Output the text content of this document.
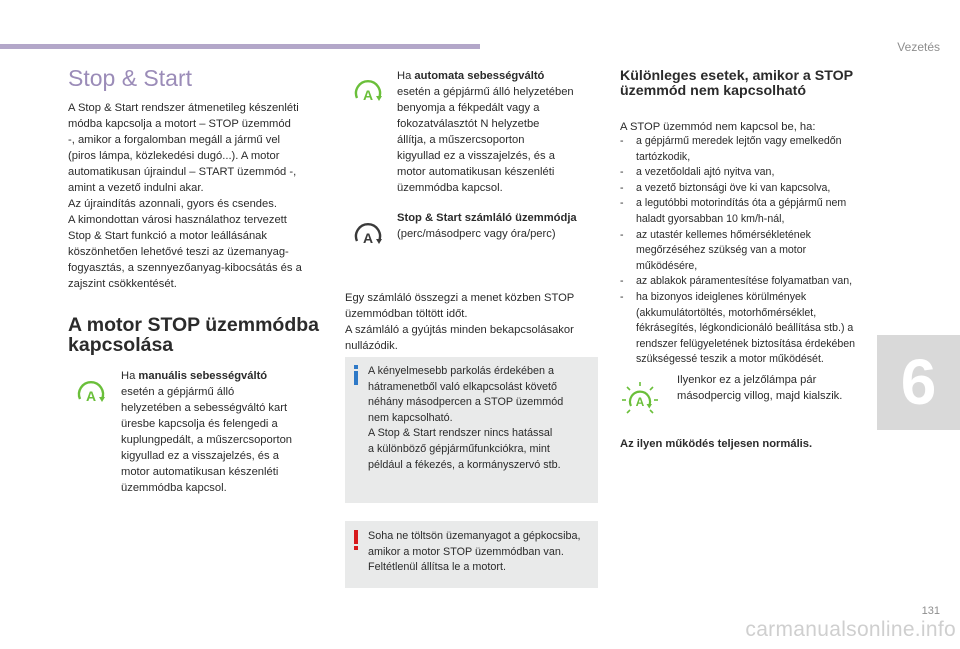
Vezetés
6
131
carmanualsonline.info
Stop & Start

A Stop & Start rendszer átmenetileg készenléti

módba kapcsolja a motort – STOP üzemmód

-, amikor a forgalomban megáll a jármű vel

(piros lámpa, közlekedési dugó...). A motor

automatikusan újraindul – START üzemmód -,

amint a vezető indulni akar.

Az újraindítás azonnali, gyors és csendes.

A kimondottan városi használathoz tervezett

Stop & Start funkció a motor leállásának

köszönhetően lehetővé teszi az üzemanyag-

fogyasztás, a szennyezőanyag-kibocsátás és a

zajszint csökkentését.

A motor STOP üzemmódba kapcsolása
A

Ha manuális sebességváltó

esetén a gépjármű álló

helyzetében a sebességváltó kart

üresbe kapcsolja és felengedi a

kuplungpedált, a műszercsoporton

kigyullad ez a visszajelzés, és a

motor automatikusan készenléti

üzemmódba kapcsol.

A

Ha automata sebességváltó

esetén a gépjármű álló helyzetében

benyomja a fékpedált vagy a

fokozatválasztót N helyzetbe

állítja, a műszercsoporton

kigyullad ez a visszajelzés, és a

motor automatikusan készenléti

üzemmódba kapcsol.

A

Stop & Start számláló üzemmódja

(perc/másodperc vagy óra/perc)

Egy számláló összegzi a menet közben STOP

üzemmódban töltött időt.

A számláló a gyújtás minden bekapcsolásakor

nullázódik.

A kényelmesebb parkolás érdekében a
hátramenetből való elkapcsolást követő
néhány másodpercen a STOP üzemmód
nem kapcsolható.
A Stop & Start rendszer nincs hatással
a különböző gépjárműfunkciókra, mint
például a fékezés, a kormányszervó stb.
Soha ne töltsön üzemanyagot a gépkocsiba,
amikor a motor STOP üzemmódban van.
Feltétlenül állítsa le a motort.
Különleges esetek, amikor a STOP üzemmód nem kapcsolható
A STOP üzemmód nem kapcsol be, ha:
- a gépjármű meredek lejtőn vagy emelkedőn
tartózkodik,
- a vezetőoldali ajtó nyitva van,
- a vezető biztonsági öve ki van kapcsolva,
- a legutóbbi motorindítás óta a gépjármű nem
haladt gyorsabban 10 km/h-nál,
- az utastér kellemes hőmérsékletének
megőrzéséhez szükség van a motor
működésére,
- az ablakok páramentesítése folyamatban van,
- ha bizonyos ideiglenes körülmények
(akkumulátortöltés, motorhőmérséklet,
fékrásegítés, légkondicionáló beállítása stb.) a
rendszer felügyeletének biztosítása érdekében
szükségessé teszik a motor működését.
A

Ilyenkor ez a jelzőlámpa pár

másodpercig villog, majd kialszik.

Az ilyen működés teljesen normális.
